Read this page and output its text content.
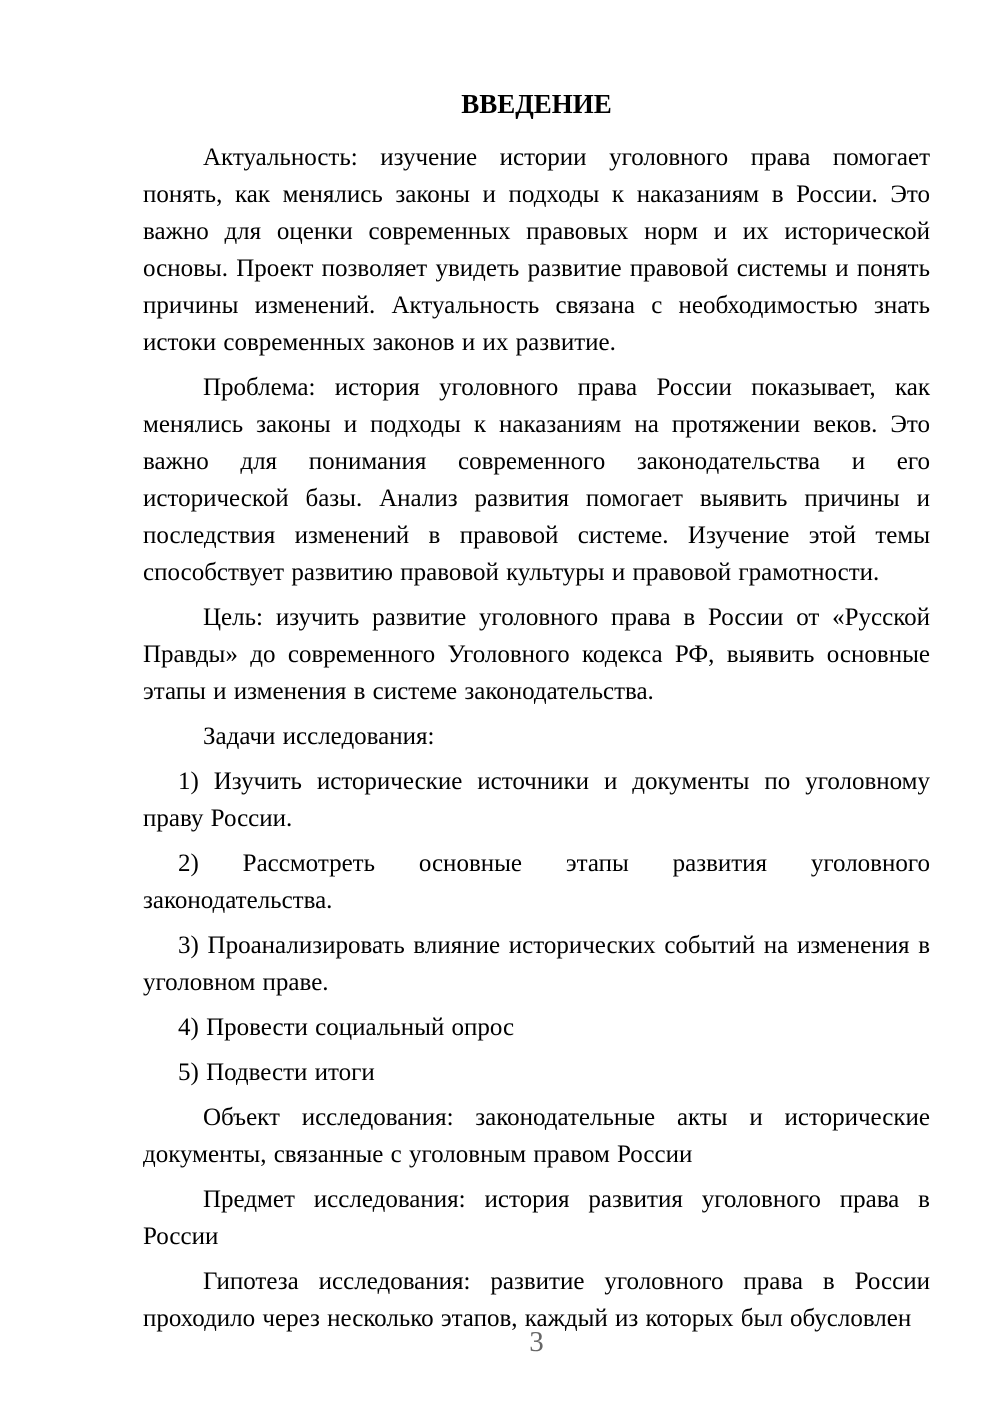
ВВЕДЕНИЕ

Актуальность: изучение истории уголовного права помогает понять, как менялись законы и подходы к наказаниям в России. Это важно для оценки современных правовых норм и их исторической основы. Проект позволяет увидеть развитие правовой системы и понять причины изменений. Актуальность связана с необходимостью знать истоки современных законов и их развитие.

Проблема: история уголовного права России показывает, как менялись законы и подходы к наказаниям на протяжении веков. Это важно для понимания современного законодательства и его исторической базы. Анализ развития помогает выявить причины и последствия изменений в правовой системе. Изучение этой темы способствует развитию правовой культуры и правовой грамотности.

Цель: изучить развитие уголовного права в России от «Русской Правды» до современного Уголовного кодекса РФ, выявить основные этапы и изменения в системе законодательства.

Задачи исследования:

1) Изучить исторические источники и документы по уголовному праву России.

2) Рассмотреть основные этапы развития уголовного законодательства.

3) Проанализировать влияние исторических событий на изменения в уголовном праве.

4) Провести социальный опрос

5) Подвести итоги

Объект исследования: законодательные акты и исторические документы, связанные с уголовным правом России

Предмет исследования: история развития уголовного права в России

Гипотеза исследования: развитие уголовного права в России проходило через несколько этапов, каждый из которых был обусловлен

3
